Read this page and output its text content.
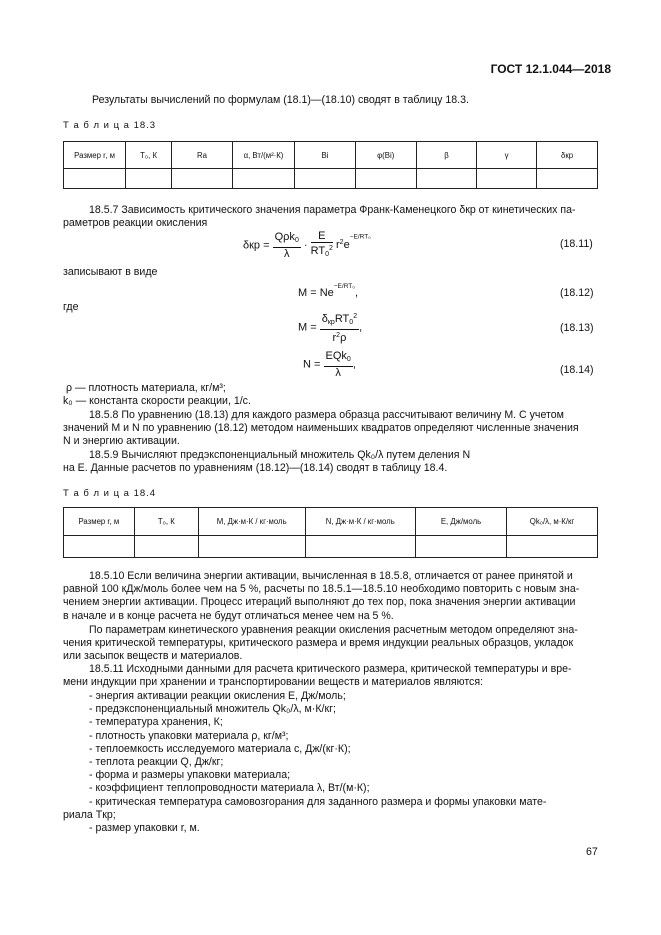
ГОСТ 12.1.044—2018
Результаты вычислений по формулам (18.1)—(18.10) сводят в таблицу 18.3.
Т а б л и ц а 18.3
Размер r, м	T₀, К	Ra	α, Вт/(м²·К)	Bi	φ(Bi)	β	γ	δкр

18.5.7 Зависимость критического значения параметра Франк-Каменецкого δкр от кинетических па-
раметров реакции окисления
$\delta кр = \frac{Q\rho k_0}{\lambda} \cdot \frac{E}{RT_0^2} r^2e^{-E/RT_0}$
(18.11)
записывают в виде
$M = Ne^{-E/RT_0}$,	(18.12)
где
$M = \frac{\delta_{кр}RT_0^2}{r^2\rho}$ ,	(18.13)
$N = \frac{EQk_0}{\lambda}$ ,	(18.14)
ρ — плотность материала, кг/м³;
k₀ — константа скорости реакции, 1/с.
18.5.8 По уравнению (18.13) для каждого размера образца рассчитывают величину M. С учетом
значений M и N по уравнению (18.12) методом наименьших квадратов определяют численные значения
N и энергию активации.
18.5.9 Вычисляют предэкспоненциальный множитель Qk₀/λ путем деления N
на E. Данные расчетов по уравнениям (18.12)—(18.14) сводят в таблицу 18.4.
Т а б л и ц а 18.4
Размер r, м	T₀, К	M, Дж·м·К / кг·моль	N, Дж·м·К / кг·моль	E, Дж/моль	Qk₀/λ, м·К/кг

18.5.10 Если величина энергии активации, вычисленная в 18.5.8, отличается от ранее принятой и
равной 100 кДж/моль более чем на 5 %, расчеты по 18.5.1—18.5.10 необходимо повторить с новым зна-
чением энергии активации. Процесс итераций выполняют до тех пор, пока значения энергии активации
в начале и в конце расчета не будут отличаться менее чем на 5 %.
По параметрам кинетического уравнения реакции окисления расчетным методом определяют зна-
чения критической температуры, критического размера и время индукции реальных образцов, укладок
или засыпок веществ и материалов.
18.5.11 Исходными данными для расчета критического размера, критической температуры и вре-
мени индукции при хранении и транспортировании веществ и материалов являются:
- энергия активации реакции окисления E, Дж/моль;
- предэкспоненциальный множитель Qk₀/λ, м·К/кг;
- температура хранения, К;
- плотность упаковки материала ρ, кг/м³;
- теплоемкость исследуемого материала c, Дж/(кг·К);
- теплота реакции Q, Дж/кг;
- форма и размеры упаковки материала;
- коэффициент теплопроводности материала λ, Вт/(м·К);
- критическая температура самовозгорания для заданного размера и формы упаковки мате-
риала Tкр;
- размер упаковки r, м.
67
